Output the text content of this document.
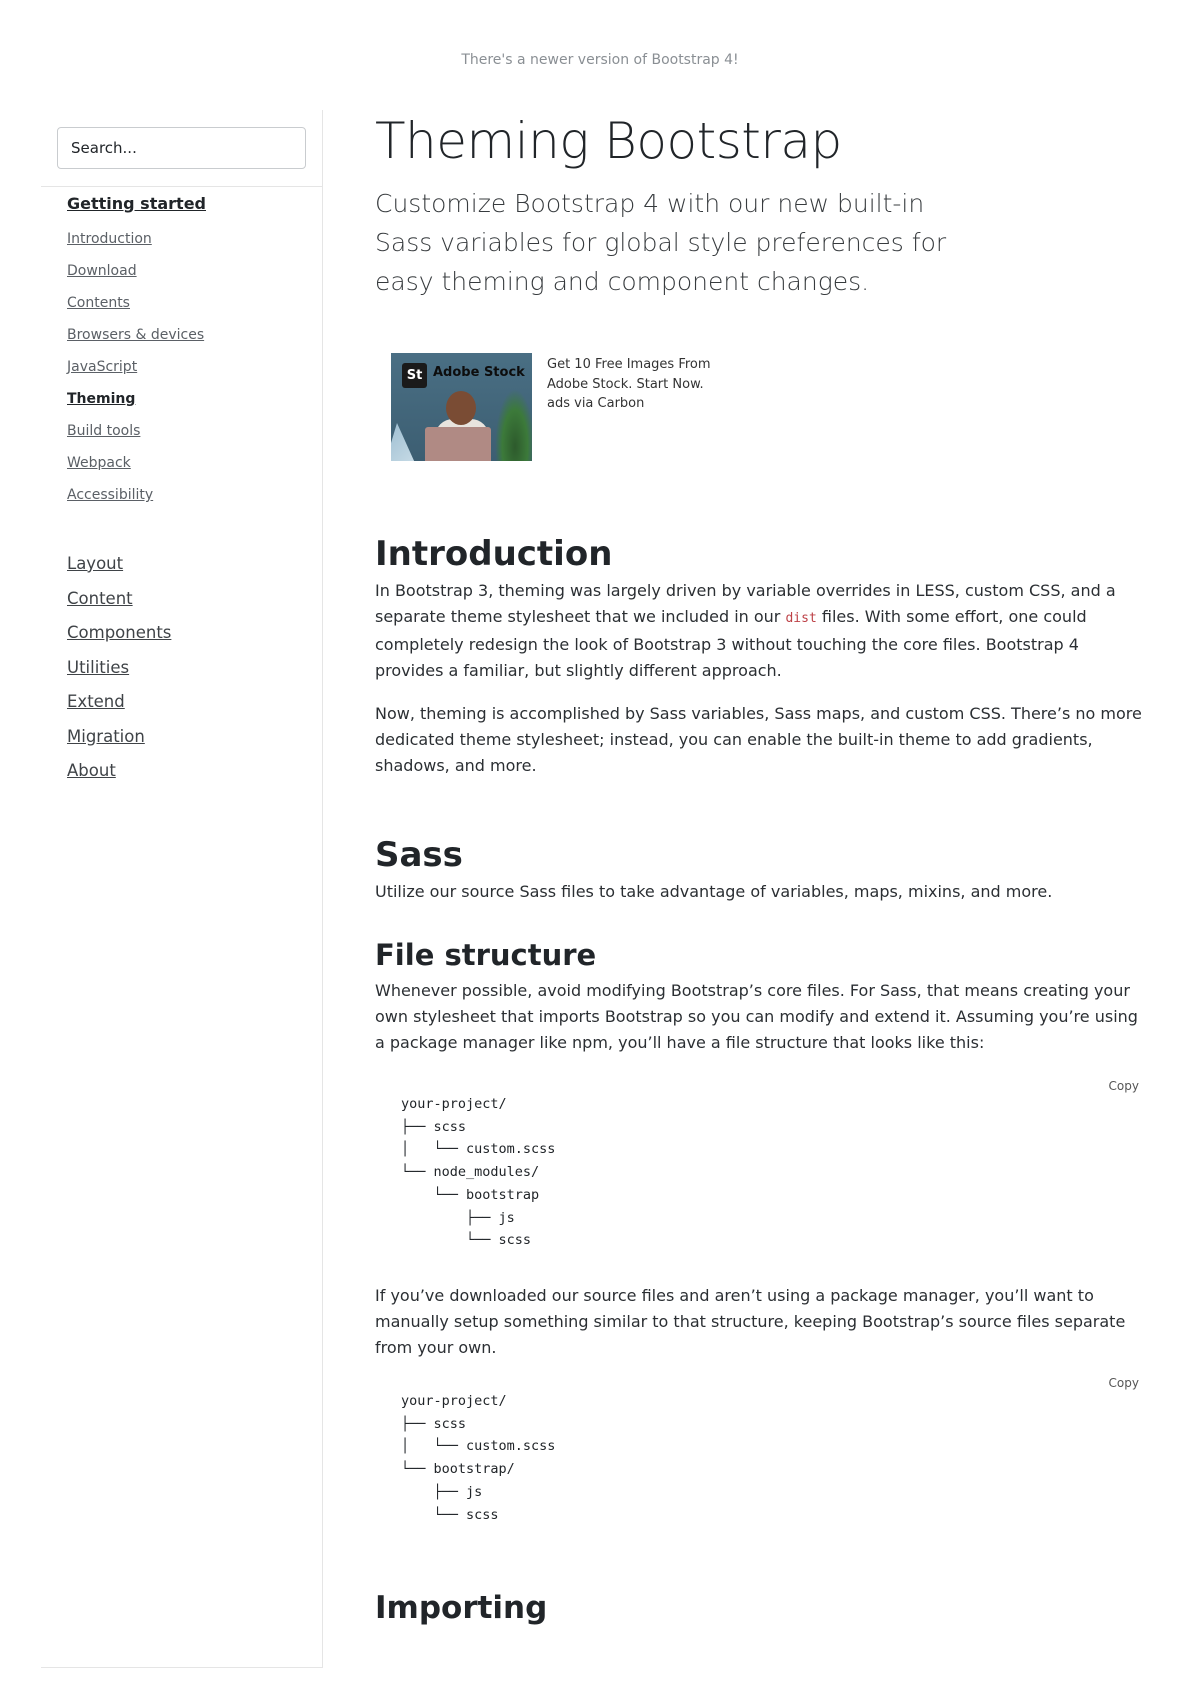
There's a newer version of Bootstrap 4!
Search...
Getting started
Introduction
Download
Contents
Browsers & devices
JavaScript
Theming
Build tools
Webpack
Accessibility
Layout
Content
Components
Utilities
Extend
Migration
About
Theming Bootstrap

Customize Bootstrap 4 with our new built-in Sass variables for global style preferences for easy theming and component changes.

St Adobe Stock
Get 10 Free Images From
Adobe Stock. Start Now.
ads via Carbon
Introduction

In Bootstrap 3, theming was largely driven by variable overrides in LESS, custom CSS, and a separate theme stylesheet that we included in our dist files. With some effort, one could completely redesign the look of Bootstrap 3 without touching the core files. Bootstrap 4 provides a familiar, but slightly different approach.

Now, theming is accomplished by Sass variables, Sass maps, and custom CSS. There’s no more dedicated theme stylesheet; instead, you can enable the built-in theme to add gradients, shadows, and more.

Sass

Utilize our source Sass files to take advantage of variables, maps, mixins, and more.

File structure

Whenever possible, avoid modifying Bootstrap’s core files. For Sass, that means creating your own stylesheet that imports Bootstrap so you can modify and extend it. Assuming you’re using a package manager like npm, you’ll have a file structure that looks like this:

Copy
your-project/
├── scss
│   └── custom.scss
└── node_modules/
└── bootstrap
├── js
└── scss

If you’ve downloaded our source files and aren’t using a package manager, you’ll want to manually setup something similar to that structure, keeping Bootstrap’s source files separate from your own.

Copy
your-project/
├── scss
│   └── custom.scss
└── bootstrap/
├── js
└── scss
Importing
